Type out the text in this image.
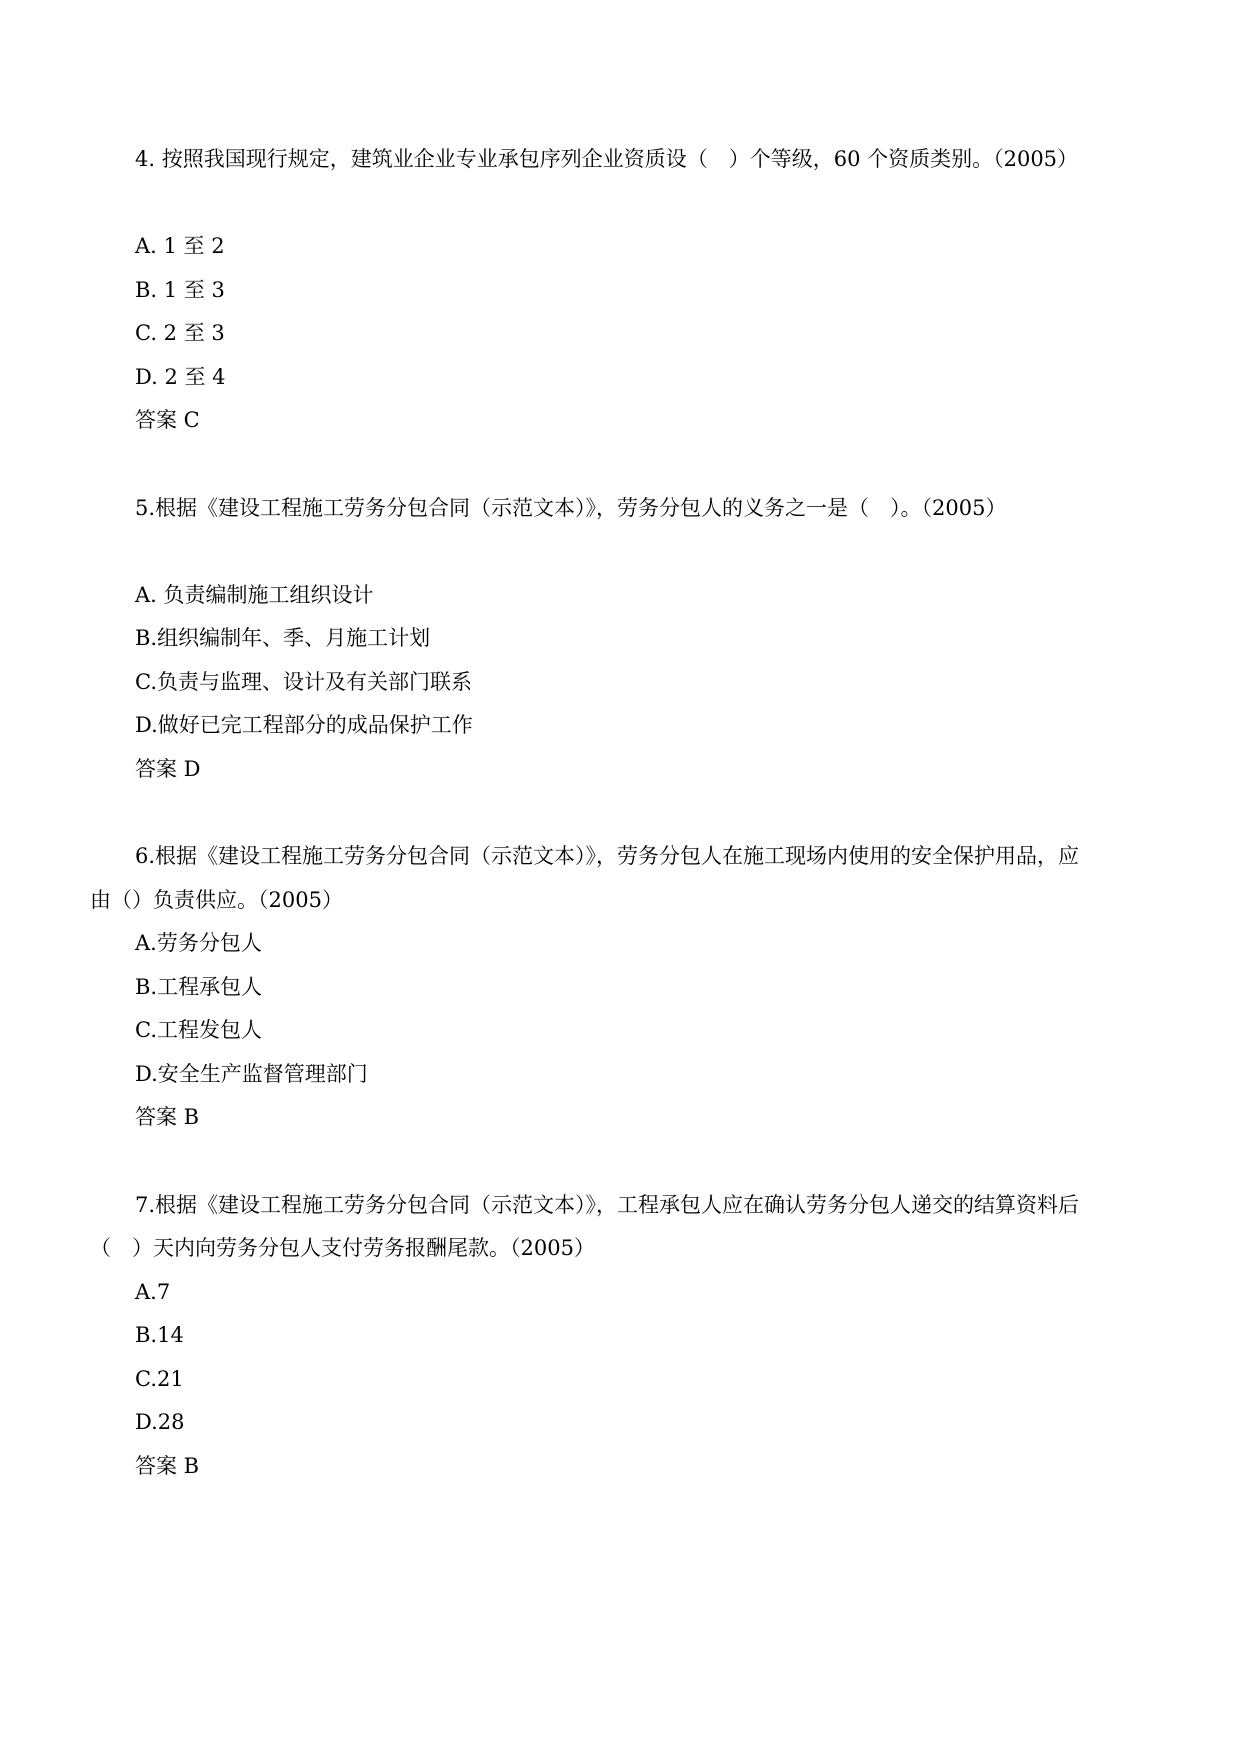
4. 按照我国现行规定，建筑业企业专业承包序列企业资质设（　）个等级，60 个资质类别。（2005）
A. 1 至 2
B. 1 至 3
C. 2 至 3
D. 2 至 4
答案 C
5.根据《建设工程施工劳务分包合同（示范文本）》，劳务分包人的义务之一是（　）。（2005）
A. 负责编制施工组织设计
B.组织编制年、季、月施工计划
C.负责与监理、设计及有关部门联系
D.做好已完工程部分的成品保护工作
答案 D
6.根据《建设工程施工劳务分包合同（示范文本）》，劳务分包人在施工现场内使用的安全保护用品，应
由（）负责供应。（2005）
A.劳务分包人
B.工程承包人
C.工程发包人
D.安全生产监督管理部门
答案 B
7.根据《建设工程施工劳务分包合同（示范文本）》，工程承包人应在确认劳务分包人递交的结算资料后
（　）天内向劳务分包人支付劳务报酬尾款。（2005）
A.7
B.14
C.21
D.28
答案 B
